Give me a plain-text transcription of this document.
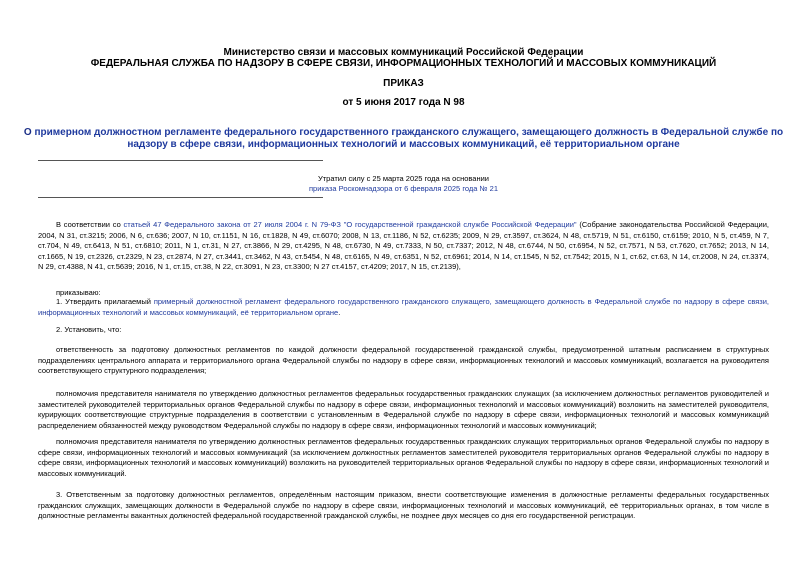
Министерство связи и массовых коммуникаций Российской Федерации
ФЕДЕРАЛЬНАЯ СЛУЖБА ПО НАДЗОРУ В СФЕРЕ СВЯЗИ, ИНФОРМАЦИОННЫХ ТЕХНОЛОГИЙ И МАССОВЫХ КОММУНИКАЦИЙ
ПРИКАЗ
от 5 июня 2017 года N 98
О примерном должностном регламенте федерального государственного гражданского служащего, замещающего должность в Федеральной службе по надзору в сфере связи, информационных технологий и массовых коммуникаций, её территориальном органе
Утратил силу с 25 марта 2025 года на основании
приказа Роскомнадзора от 6 февраля 2025 года № 21
В соответствии со статьей 47 Федерального закона от 27 июля 2004 г. N 79-ФЗ "О государственной гражданской службе Российской Федерации" (Собрание законодательства Российской Федерации, 2004, N 31, ст.3215; 2006, N 6, ст.636; 2007, N 10, ст.1151, N 16, ст.1828, N 49, ст.6070; 2008, N 13, ст.1186, N 52, ст.6235; 2009, N 29, ст.3597, ст.3624, N 48, ст.5719, N 51, ст.6150, ст.6159; 2010, N 5, ст.459, N 7, ст.704, N 49, ст.6413, N 51, ст.6810; 2011, N 1, ст.31, N 27, ст.3866, N 29, ст.4295, N 48, ст.6730, N 49, ст.7333, N 50, ст.7337; 2012, N 48, ст.6744, N 50, ст.6954, N 52, ст.7571, N 53, ст.7620, ст.7652; 2013, N 14, ст.1665, N 19, ст.2326, ст.2329, N 23, ст.2874, N 27, ст.3441, ст.3462, N 43, ст.5454, N 48, ст.6165, N 49, ст.6351, N 52, ст.6961; 2014, N 14, ст.1545, N 52, ст.7542; 2015, N 1, ст.62, ст.63, N 14, ст.2008, N 24, ст.3374, N 29, ст.4388, N 41, ст.5639; 2016, N 1, ст.15, ст.38, N 22, ст.3091, N 23, ст.3300; N 27 ст.4157, ст.4209; 2017, N 15, ст.2139),
приказываю:
1. Утвердить прилагаемый примерный должностной регламент федерального государственного гражданского служащего, замещающего должность в Федеральной службе по надзору в сфере связи, информационных технологий и массовых коммуникаций, её территориальном органе.
2. Установить, что:
ответственность за подготовку должностных регламентов по каждой должности федеральной государственной гражданской службы, предусмотренной штатным расписанием в структурных подразделениях центрального аппарата и территориального органа Федеральной службы по надзору в сфере связи, информационных технологий и массовых коммуникаций, возлагается на руководителя соответствующего структурного подразделения;
полномочия представителя нанимателя по утверждению должностных регламентов федеральных государственных гражданских служащих (за исключением должностных регламентов руководителей и заместителей руководителей территориальных органов Федеральной службы по надзору в сфере связи, информационных технологий и массовых коммуникаций) возложить на заместителей руководителя, курирующих соответствующие структурные подразделения в соответствии с установленным в Федеральной службе по надзору в сфере связи, информационных технологий и массовых коммуникаций распределением обязанностей между руководством Федеральной службы по надзору в сфере связи, информационных технологий и массовых коммуникаций;
полномочия представителя нанимателя по утверждению должностных регламентов федеральных государственных гражданских служащих территориальных органов Федеральной службы по надзору в сфере связи, информационных технологий и массовых коммуникаций (за исключением должностных регламентов заместителей руководителя территориальных органов Федеральной службы по надзору в сфере связи, информационных технологий и массовых коммуникаций) возложить на руководителей территориальных органов Федеральной службы по надзору в сфере связи, информационных технологий и массовых коммуникаций.
3. Ответственным за подготовку должностных регламентов, определённым настоящим приказом, внести соответствующие изменения в должностные регламенты федеральных государственных гражданских служащих, замещающих должности в Федеральной службе по надзору в сфере связи, информационных технологий и массовых коммуникаций, её территориальных органах, в том числе в должностные регламенты вакантных должностей федеральной государственной гражданской службы, не позднее двух месяцев со дня его государственной регистрации.
